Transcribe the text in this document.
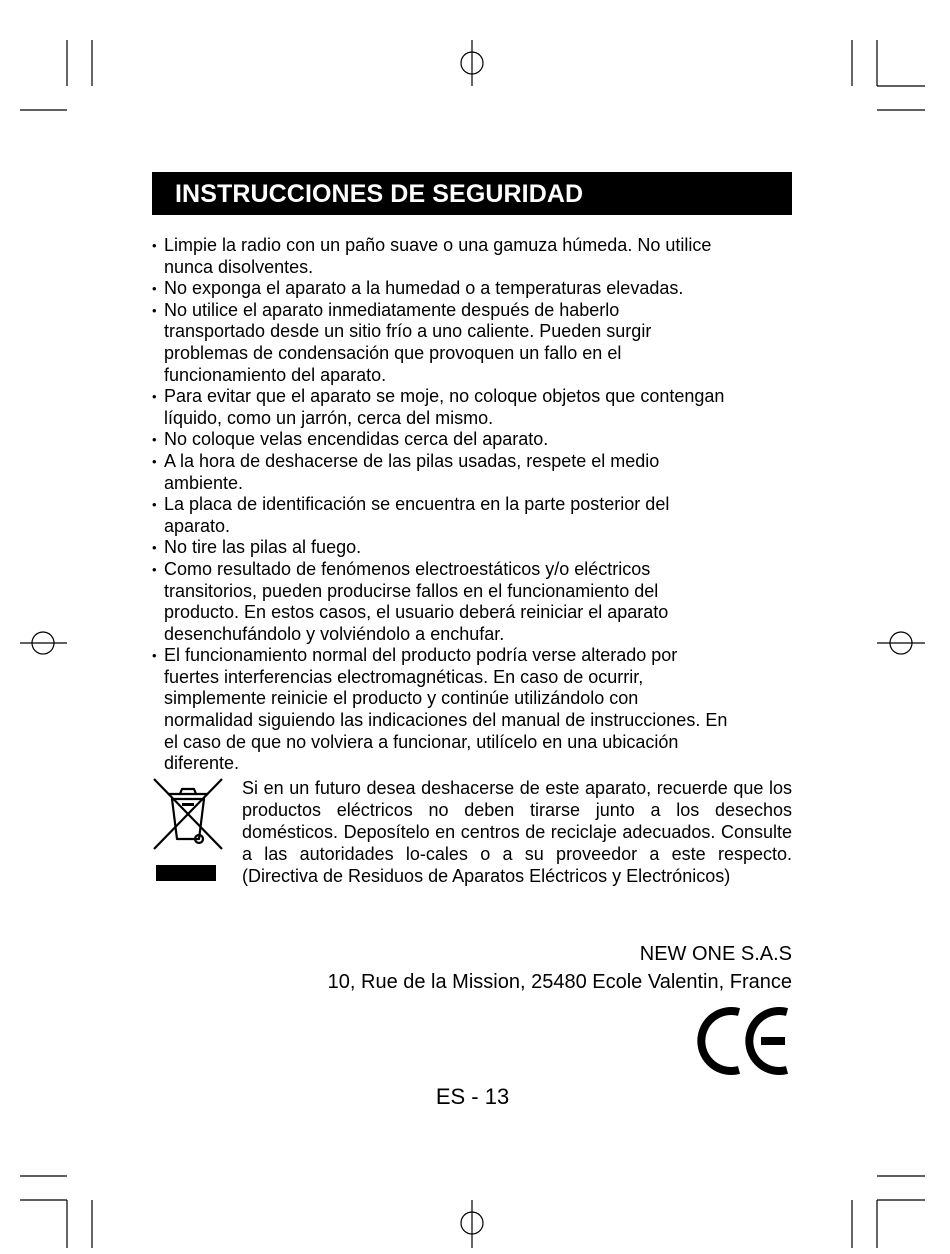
INSTRUCCIONES DE SEGURIDAD
• Limpie la radio con un paño suave o una gamuza húmeda. No utilice
nunca disolventes.
• No exponga el aparato a la humedad o a temperaturas elevadas.
• No utilice el aparato inmediatamente después de haberlo
transportado desde un sitio frío a uno caliente. Pueden surgir
problemas de condensación que provoquen un fallo en el
funcionamiento del aparato.
• Para evitar que el aparato se moje, no coloque objetos que contengan
líquido, como un jarrón, cerca del mismo.
• No coloque velas encendidas cerca del aparato.
• A la hora de deshacerse de las pilas usadas, respete el medio
ambiente.
• La placa de identificación se encuentra en la parte posterior del
aparato.
• No tire las pilas al fuego.
• Como resultado de fenómenos electroestáticos y/o eléctricos
transitorios, pueden producirse fallos en el funcionamiento del
producto. En estos casos, el usuario deberá reiniciar el aparato
desenchufándolo y volviéndolo a enchufar.
• El funcionamiento normal del producto podría verse alterado por
fuertes interferencias electromagnéticas. En caso de ocurrir,
simplemente reinicie el producto y continúe utilizándolo con
normalidad siguiendo las indicaciones del manual de instrucciones. En
el caso de que no volviera a funcionar, utilícelo en una ubicación
diferente.

Si en un futuro desea deshacerse de este aparato, recuerde que los productos eléctricos no deben tirarse junto a los desechos domésticos. Deposítelo en centros de reciclaje adecuados. Consulte a las autoridades lo-cales o a su proveedor a este respecto. (Directiva de Residuos de Aparatos Eléctricos y Electrónicos)

NEW ONE S.A.S
10, Rue de la Mission, 25480 Ecole Valentin, France
ES - 13
